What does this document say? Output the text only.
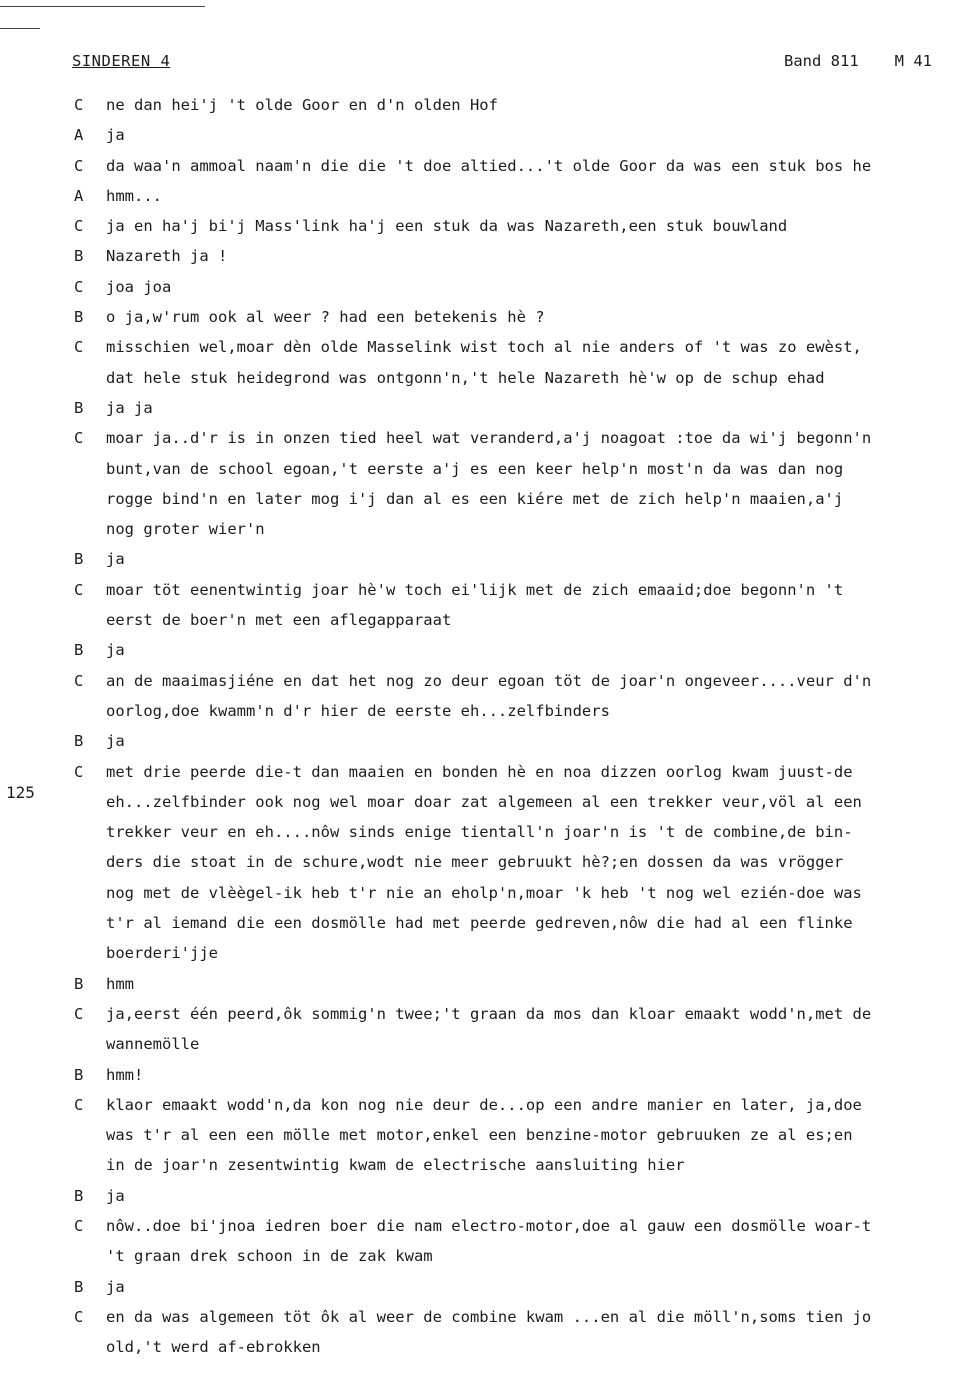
SINDEREN 4	Band 811 M 41
125
C	ne dan hei'j 't olde Goor en d'n olden Hof
A	ja
C	da waa'n ammoal naam'n die die 't doe altied...'t olde Goor da was een stuk bos he
A	hmm...
C	ja en ha'j bi'j Mass'link ha'j een stuk da was Nazareth,een stuk bouwland
B	Nazareth ja !
C	joa joa
B	o ja,w'rum ook al weer ? had een betekenis hè ?
C	misschien wel,moar dèn olde Masselink wist toch al nie anders of 't was zo ewèst,
dat hele stuk heidegrond was ontgonn'n,'t hele Nazareth hè'w op de schup ehad
B	ja ja
C	moar ja..d'r is in onzen tied heel wat veranderd,a'j noagoat :toe da wi'j begonn'n
bunt,van de school egoan,'t eerste a'j es een keer help'n most'n da was dan nog
rogge bind'n en later mog i'j dan al es een kiére met de zich help'n maaien,a'j
nog groter wier'n
B	ja
C	moar töt eenentwintig joar hè'w toch ei'lijk met de zich emaaid;doe begonn'n 't
eerst de boer'n met een aflegapparaat
B	ja
C	an de maaimasjiéne en dat het nog zo deur egoan töt de joar'n ongeveer....veur d'n
oorlog,doe kwamm'n d'r hier de eerste eh...zelfbinders
B	ja
C	met drie peerde die-t dan maaien en bonden hè en noa dizzen oorlog kwam juust-de
eh...zelfbinder ook nog wel moar doar zat algemeen al een trekker veur,völ al een
trekker veur en eh....nôw sinds enige tientall'n joar'n is 't de combine,de bin-
ders die stoat in de schure,wodt nie meer gebruukt hè?;en dossen da was vrögger
nog met de vlèègel-ik heb t'r nie an eholp'n,moar 'k heb 't nog wel ezién-doe was
t'r al iemand die een dosmölle had met peerde gedreven,nôw die had al een flinke
boerderi'jje
B	hmm
C	ja,eerst één peerd,ôk sommig'n twee;'t graan da mos dan kloar emaakt wodd'n,met de
wannemölle
B	hmm!
C	klaor emaakt wodd'n,da kon nog nie deur de...op een andre manier en later, ja,doe
was t'r al een een mölle met motor,enkel een benzine-motor gebruuken ze al es;en
in de joar'n zesentwintig kwam de electrische aansluiting hier
B	ja
C	nôw..doe bi'jnoa iedren boer die nam electro-motor,doe al gauw een dosmölle woar-t
't graan drek schoon in de zak kwam
B	ja
C	en da was algemeen töt ôk al weer de combine kwam ...en al die möll'n,soms tien jo
old,'t werd af-ebrokken
